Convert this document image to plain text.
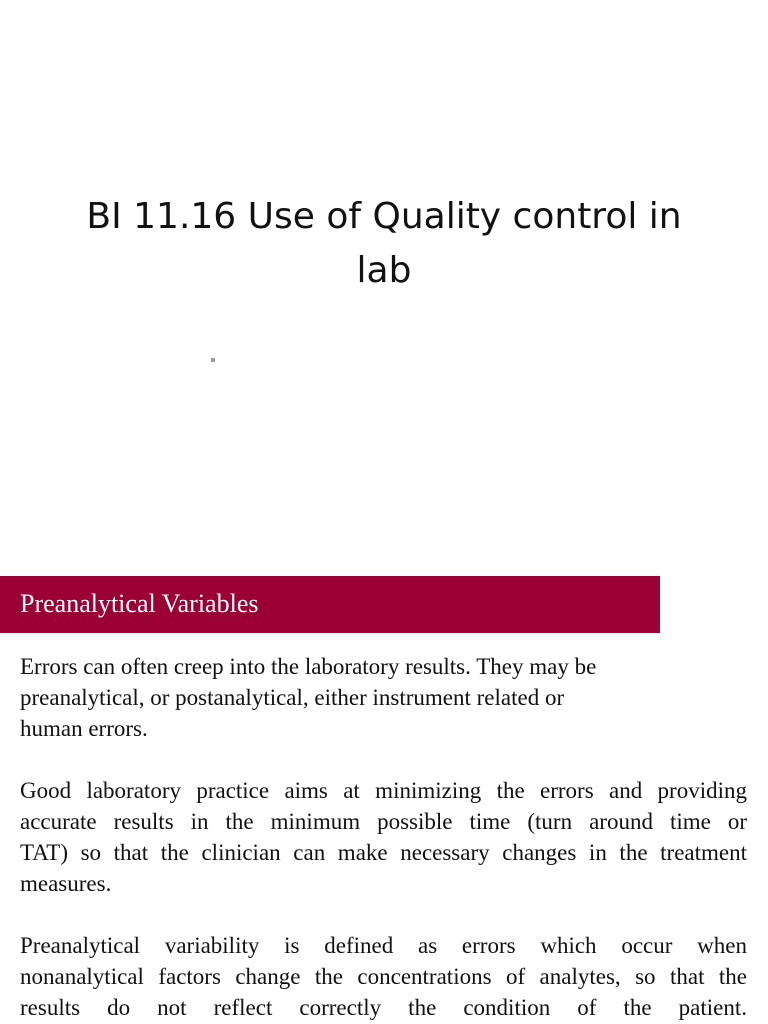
BI 11.16 Use of Quality control in
lab
Preanalytical Variables

Errors can often creep into the laboratory results. They may be
preanalytical, or postanalytical, either instrument related or
human errors.

Good laboratory practice aims at minimizing the errors and providing
accurate results in the minimum possible time (turn around time or
TAT) so that the clinician can make necessary changes in the treatment
measures.

Preanalytical variability is defined as errors which occur when
nonanalytical factors change the concentrations of analytes, so that the
results do not reflect correctly the condition of the patient.
